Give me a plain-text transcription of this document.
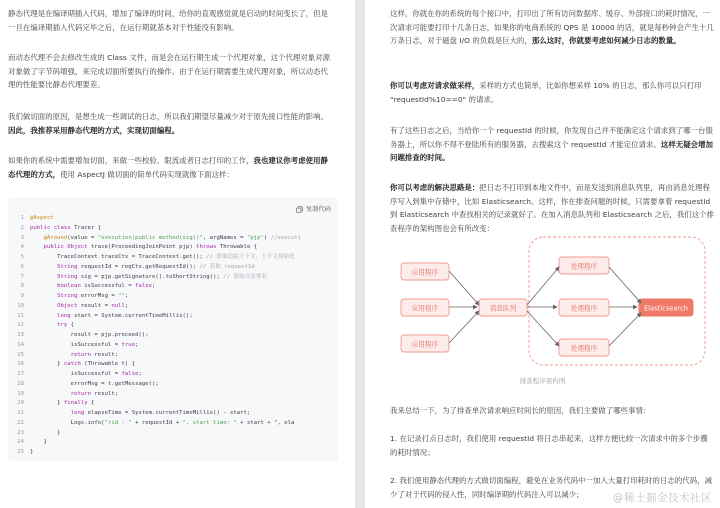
静态代理是在编译期插入代码，增加了编译的时间，给你的直观感觉就是启动的时间变长了，但是一旦在编译期插入代码完毕之后，在运行期就基本对于性能没有影响。

而动态代理不会去修改生成的 Class 文件，而是会在运行期生成一个代理对象，这个代理对象对源对象做了字节码增强，来完成切面所要执行的操作。由于在运行期需要生成代理对象，所以动态代理的性能要比静态代理要差。

我们做切面的原因，是想生成一些调试的日志，所以我们期望尽量减少对于原先接口性能的影响。因此，我推荐采用静态代理的方式，实现切面编程。

如果你的系统中需要增加切面，来做一些校验、限流或者日志打印的工作，我也建议你考虑使用静态代理的方式，使用 AspectJ 做切面的简单代码实现就像下面这样：

复制代码
1 @Aspect
2 public class Tracer {
3	@Around(value = "execution(public method(sig))", argNames = "pjp") //executi
4	public Object trace(ProceedingJoinPoint pjp) throws Throwable {
5        TraceContext traceCtx = TraceContext.get(); // 获取追踪上下文，上下文初始化
6	String requestId = reqCtx.getRequestId(); // 获取 requestId
7	String sig = pjp.getSignature().toShortString(); // 获取方法签名
8	boolean isSuccessful = false;
9	String errorMsg = "";
10	Object result = null;
11	long start = System.currentTimeMillis();
12	try {
13            result = pjp.proceed();
14            isSuccessful = true;
15	return result;
16        } catch (Throwable t) {
17            isSuccessful = false;
18            errorMsg = t.getMessage();
19	return result;
20        } finally {
21	long elapseTime = System.currentTimeMillis() - start;
22            Logs.info("rid : " + requestId + ", start time: " + start + ", ela
23        }
24    }
25 }

这样，你就在你的系统的每个接口中，打印出了所有访问数据库、缓存、外部接口的耗时情况，一次请求可能要打印十几条日志，如果你的电商系统的 QPS 是 10000 的话，就是每秒钟会产生十几万条日志，对于磁盘 I/O 的负载是巨大的，那么这时，你就要考虑如何减少日志的数量。

你可以考虑对请求做采样，采样的方式也简单，比如你想采样 10% 的日志，那么你可以只打印 "requestId%10==0" 的请求。

有了这些日志之后，当给你一个 requestId 的时候，你发现自己并不能确定这个请求到了哪一台服务器上，所以你不得不登陆所有的服务器，去搜索这个 requestId 才能定位请求。这样无疑会增加问题排查的时间。

你可以考虑的解决思路是：把日志不打印到本地文件中，而是发送到消息队列里，再由消息处理程序写入到集中存储中，比如 Elasticsearch。这样，你在排查问题的时候，只需要拿着 requestId 到 Elasticsearch 中查找相关的记录就好了。在加入消息队列和 Elasticsearch 之后，我们这个排查程序的架构图也会有所改变：

应用程序
应用程序
应用程序
消息队列
处理程序
处理程序
处理程序
Elasticsearch
排查程序架构图

我来总结一下，为了排查单次请求响应时间长的原因，我们主要做了哪些事情：

1. 在记录打点日志时，我们使用 requestId 将日志串起来，这样方便比较一次请求中的多个步骤的耗时情况；

2. 我们使用静态代理的方式做切面编程，避免在业务代码中一加入大量打印耗时的日志的代码，减少了对于代码的侵入性，同时编译期的代码注入可以减少；	@稀土掘金技术社区
